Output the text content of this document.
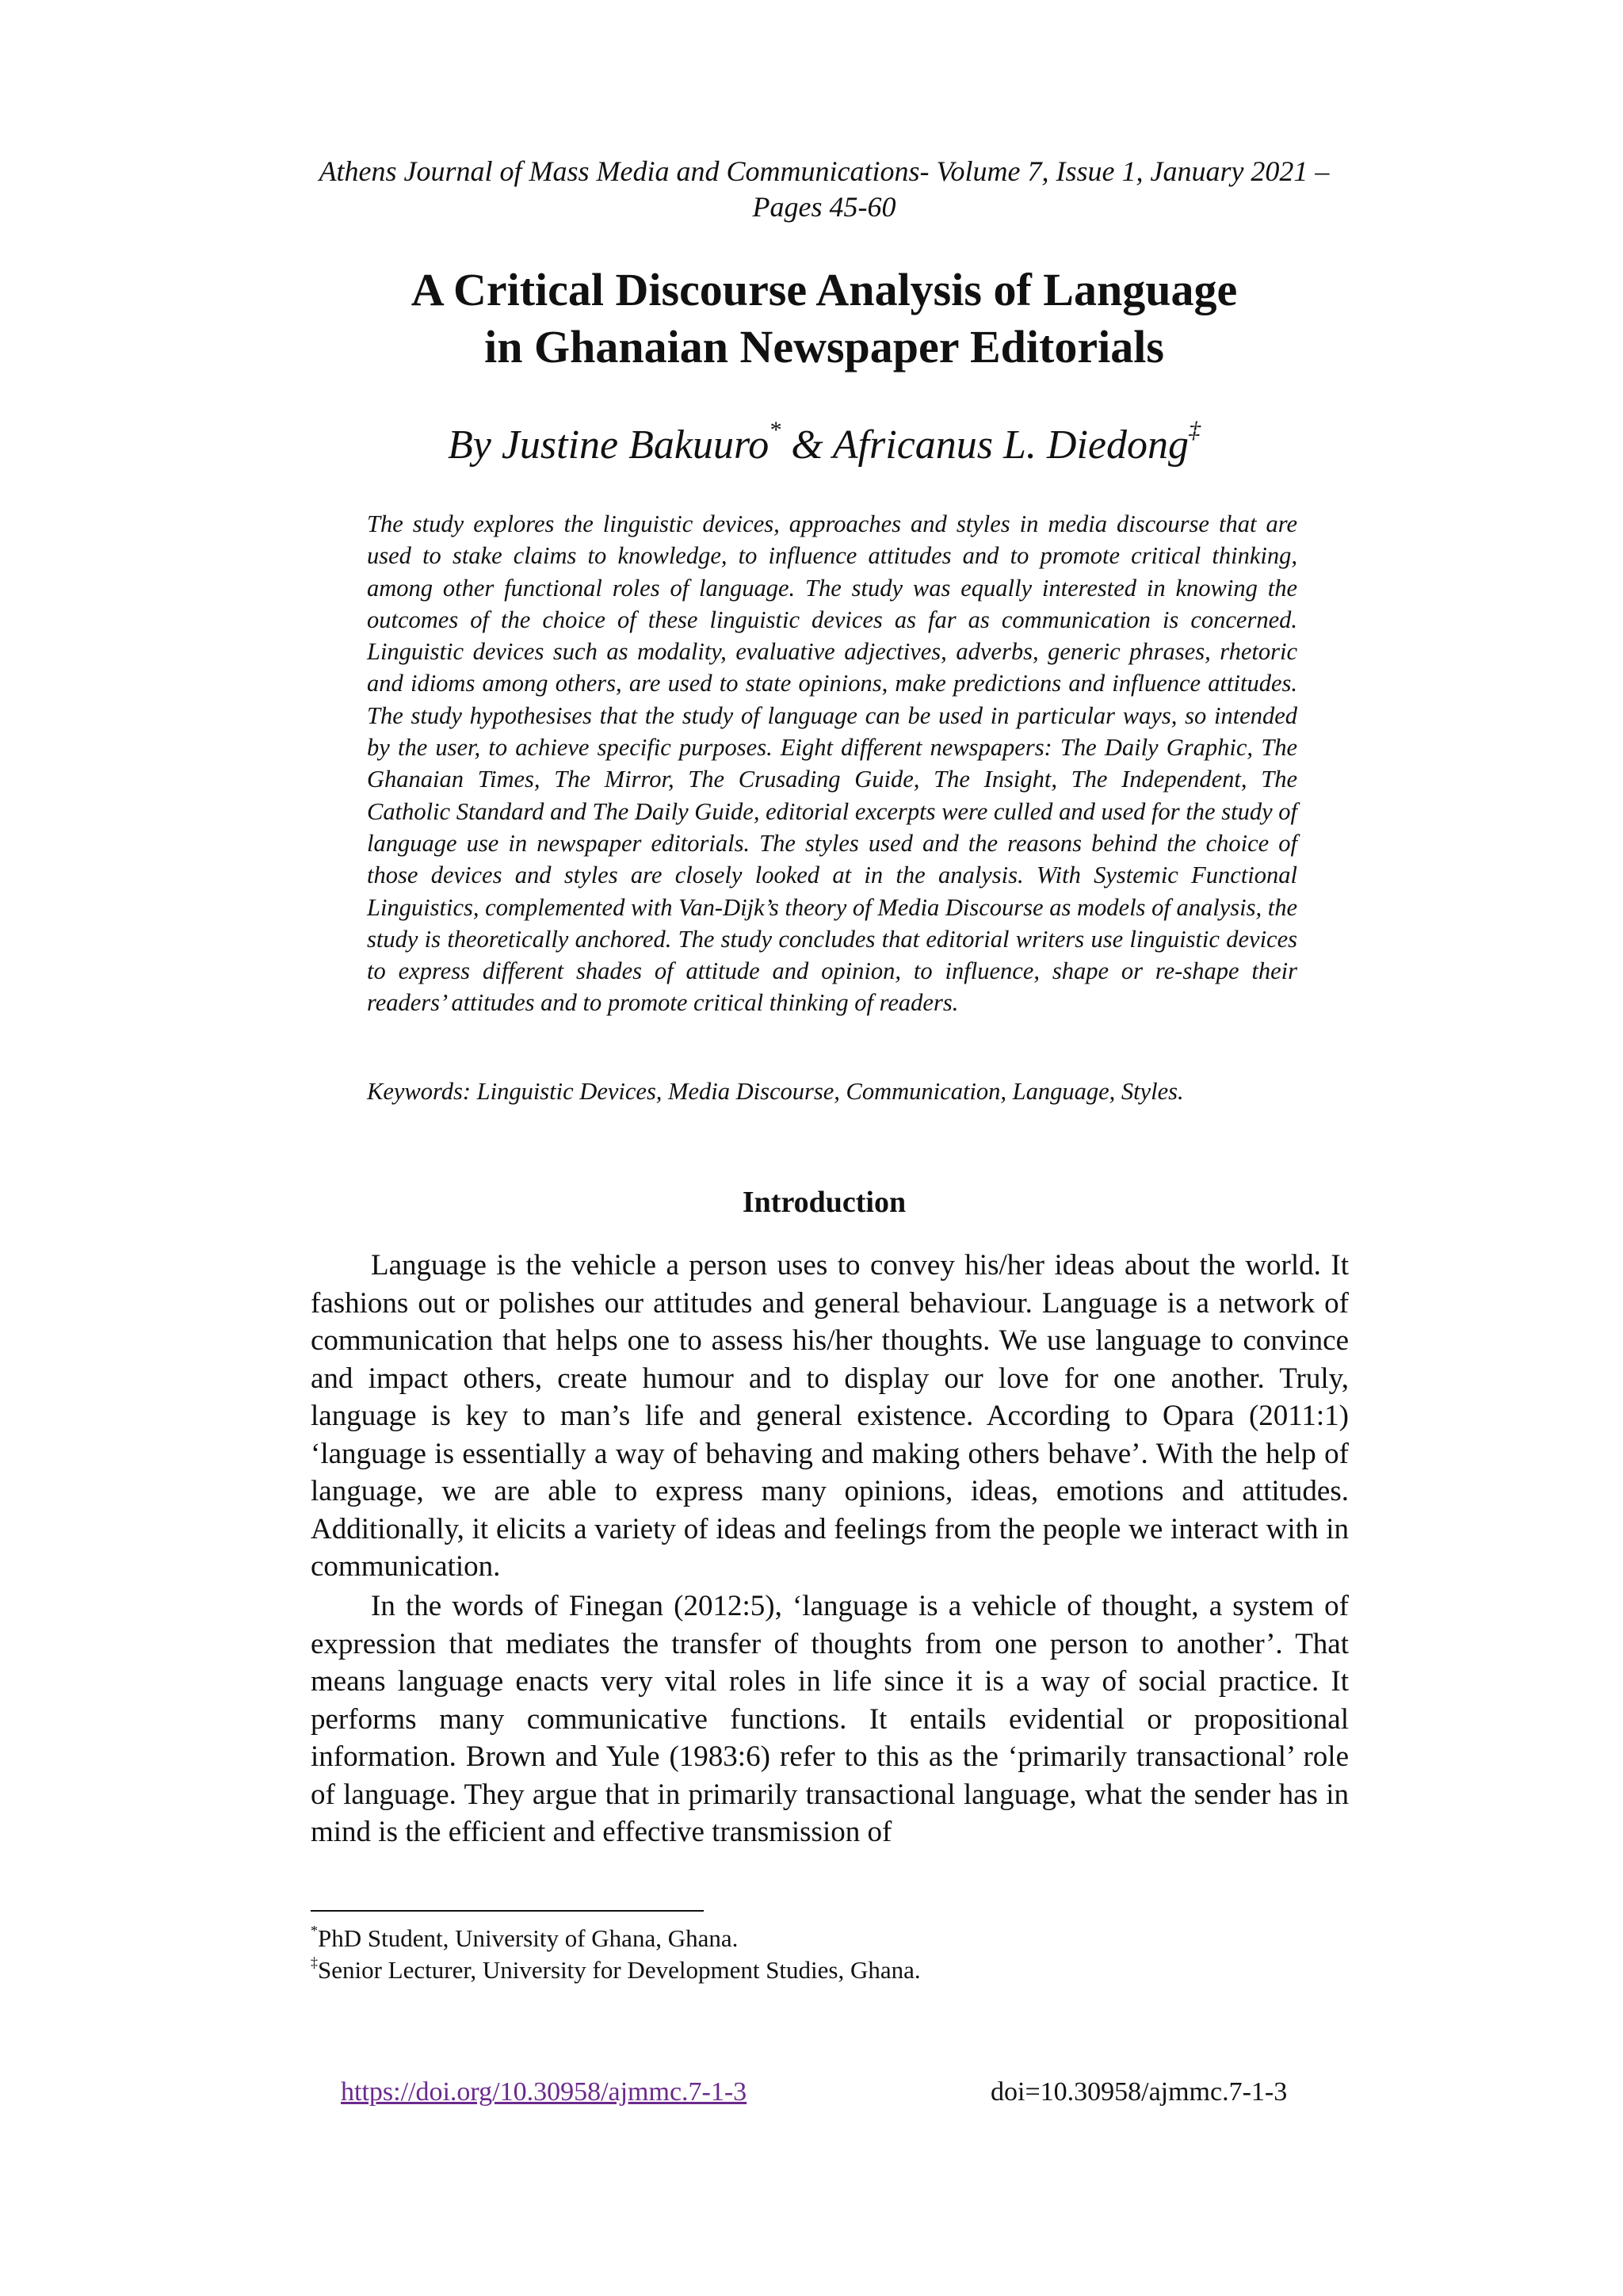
Athens Journal of Mass Media and Communications- Volume 7, Issue 1, January 2021 –
Pages 45-60
A Critical Discourse Analysis of Language
in Ghanaian Newspaper Editorials
By Justine Bakuuro* & Africanus L. Diedong‡

The study explores the linguistic devices, approaches and styles in media discourse that are used to stake claims to knowledge, to influence attitudes and to promote critical thinking, among other functional roles of language. The study was equally interested in knowing the outcomes of the choice of these linguistic devices as far as communication is concerned. Linguistic devices such as modality, evaluative adjectives, adverbs, generic phrases, rhetoric and idioms among others, are used to state opinions, make predictions and influence attitudes. The study hypothesises that the study of language can be used in particular ways, so intended by the user, to achieve specific purposes. Eight different newspapers: The Daily Graphic, The Ghanaian Times, The Mirror, The Crusading Guide, The Insight, The Independent, The Catholic Standard and The Daily Guide, editorial excerpts were culled and used for the study of language use in newspaper editorials. The styles used and the reasons behind the choice of those devices and styles are closely looked at in the analysis. With Systemic Functional Linguistics, complemented with Van-Dijk’s theory of Media Discourse as models of analysis, the study is theoretically anchored. The study concludes that editorial writers use linguistic devices to express different shades of attitude and opinion, to influence, shape or re-shape their readers’ attitudes and to promote critical thinking of readers.

Keywords: Linguistic Devices, Media Discourse, Communication, Language, Styles.

Introduction

Language is the vehicle a person uses to convey his/her ideas about the world. It fashions out or polishes our attitudes and general behaviour. Language is a network of communication that helps one to assess his/her thoughts. We use language to convince and impact others, create humour and to display our love for one another. Truly, language is key to man’s life and general existence. According to Opara (2011:1) ‘language is essentially a way of behaving and making others behave’. With the help of language, we are able to express many opinions, ideas, emotions and attitudes. Additionally, it elicits a variety of ideas and feelings from the people we interact with in communication.

In the words of Finegan (2012:5), ‘language is a vehicle of thought, a system of expression that mediates the transfer of thoughts from one person to another’. That means language enacts very vital roles in life since it is a way of social practice. It performs many communicative functions. It entails evidential or propositional information. Brown and Yule (1983:6) refer to this as the ‘primarily transactional’ role of language. They argue that in primarily transactional language, what the sender has in mind is the efficient and effective transmission of

*PhD Student, University of Ghana, Ghana.
‡Senior Lecturer, University for Development Studies, Ghana.
https://doi.org/10.30958/ajmmc.7-1-3	doi=10.30958/ajmmc.7-1-3
